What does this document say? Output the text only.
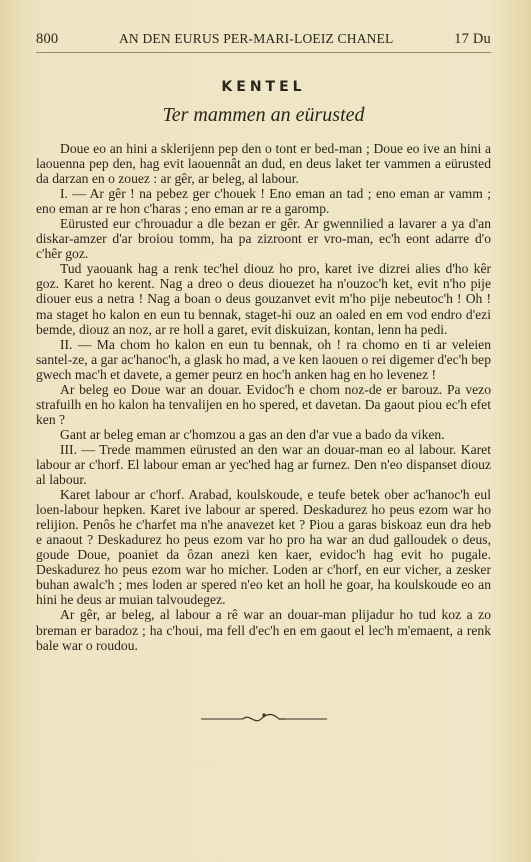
800	AN DEN EURUS PER-MARI-LOEIZ CHANEL	17 Du
KENTEL
Ter mammen an eürusted

Doue eo an hini a sklerijenn pep den o tont er bed-man ; Doue eo ive an hini a laouenna pep den, hag evit laouennât an dud, en deus laket ter vammen a eürusted da darzan en o zouez : ar gêr, ar beleg, al labour.

I. — Ar gêr ! na pebez ger c'houek ! Eno eman an tad ; eno eman ar vamm ; eno eman ar re hon c'haras ; eno eman ar re a garomp.

Eürusted eur c'hrouadur a dle bezan er gêr. Ar gwennilied a lavarer a ya d'an diskar-amzer d'ar broiou tomm, ha pa zizroont er vro-man, ec'h eont adarre d'o c'hêr goz.

Tud yaouank hag a renk tec'hel diouz ho pro, karet ive dizrei alies d'ho kêr goz. Karet ho kerent. Nag a dreo o deus diouezet ha n'ouzoc'h ket, evit n'ho pije diouer eus a netra ! Nag a boan o deus gouzanvet evit m'ho pije nebeutoc'h ! Oh ! ma staget ho kalon en eun tu bennak, staget-hi ouz an oaled en em vod endro d'ezi bemde, diouz an noz, ar re holl a garet, evit diskuizan, kontan, lenn ha pedi.

II. — Ma chom ho kalon en eun tu bennak, oh ! ra chomo en ti ar veleien santel-ze, a gar ac'hanoc'h, a glask ho mad, a ve ken laouen o rei digemer d'ec'h bep gwech mac'h et davete, a gemer peurz en hoc'h anken hag en ho levenez !

Ar beleg eo Doue war an douar. Evidoc'h e chom noz-de er barouz. Pa vezo strafuilh en ho kalon ha tenvalijen en ho spered, et davetan. Da gaout piou ec'h efet ken ?

Gant ar beleg eman ar c'homzou a gas an den d'ar vue a bado da viken.

III. — Trede mammen eürusted an den war an douar-man eo al labour. Karet labour ar c'horf. El labour eman ar yec'hed hag ar furnez. Den n'eo dispanset diouz al labour.

Karet labour ar c'horf. Arabad, koulskoude, e teufe betek ober ac'hanoc'h eul loen-labour hepken. Karet ive labour ar spered. Deskadurez ho peus ezom war ho relijion. Penôs he c'harfet ma n'he anavezet ket ? Piou a garas biskoaz eun dra heb e anaout ? Deskadurez ho peus ezom var ho pro ha war an dud galloudek o deus, goude Doue, poaniet da ôzan anezi ken kaer, evidoc'h hag evit ho pugale. Deskadurez ho peus ezom war ho micher. Loden ar c'horf, en eur vicher, a zesker buhan awalc'h ; mes loden ar spered n'eo ket an holl he goar, ha koulskoude eo an hini he deus ar muian talvoudegez.

Ar gêr, ar beleg, al labour a rê war an douar-man plijadur ho tud koz a zo breman er baradoz ; ha c'houi, ma fell d'ec'h en em gaout el lec'h m'emaent, a renk bale war o roudou.
